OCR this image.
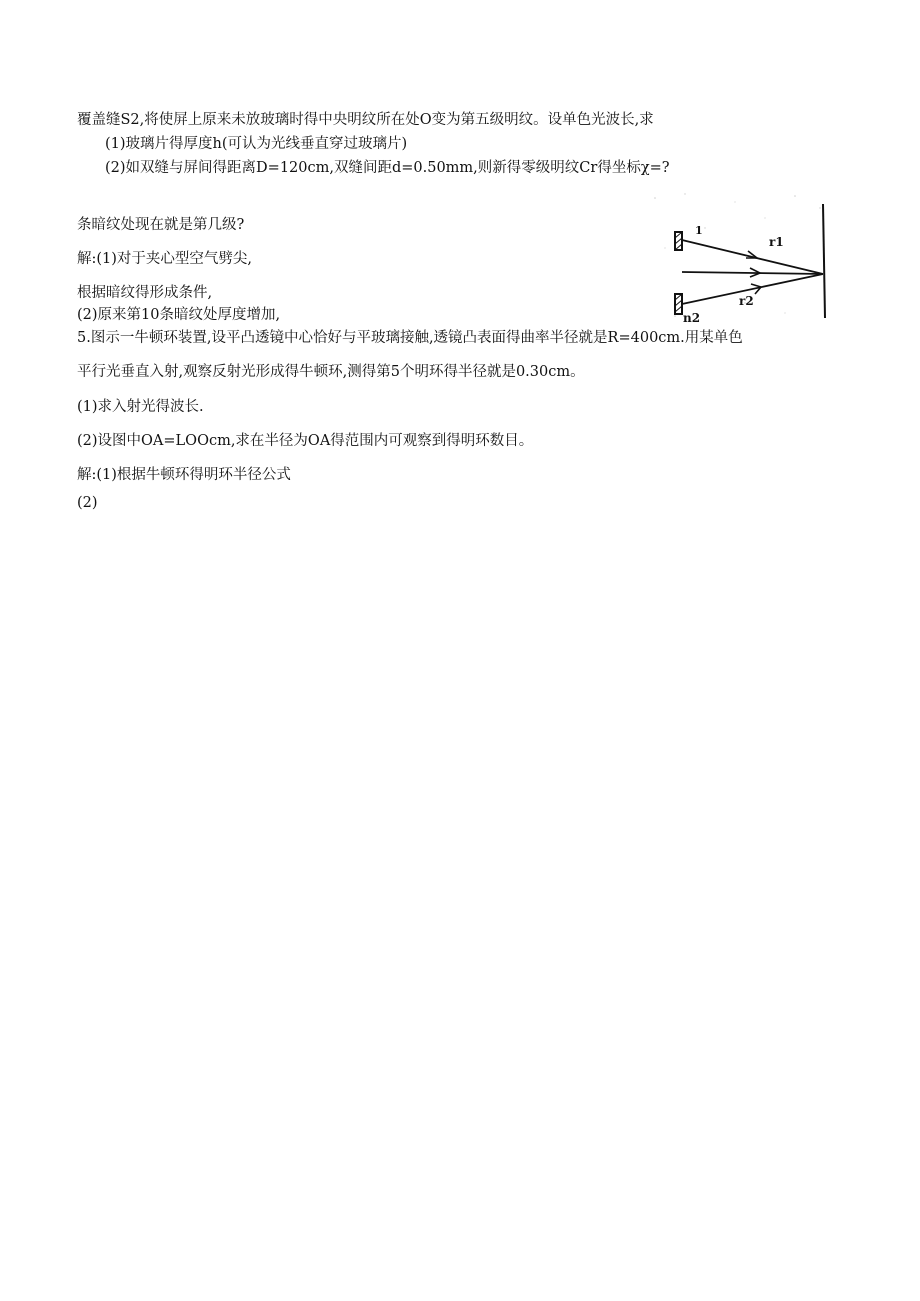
覆盖缝S2,将使屏上原来未放玻璃时得中央明纹所在处O变为第五级明纹。设单色光波长,求
(1)玻璃片得厚度h(可认为光线垂直穿过玻璃片)
(2)如双缝与屏间得距离D=120cm,双缝间距d=0.50mm,则新得零级明纹Cr得坐标χ=?
条暗纹处现在就是第几级?
解:(1)对于夹心型空气劈尖,
根据暗纹得形成条件,
(2)原来第10条暗纹处厚度增加,
5.图示一牛顿环装置,设平凸透镜中心恰好与平玻璃接触,透镜凸表面得曲率半径就是R=400cm.用某单色
平行光垂直入射,观察反射光形成得牛顿环,测得第5个明环得半径就是0.30cm。
(1)求入射光得波长.
(2)设图中OA=LOOcm,求在半径为OA得范围内可观察到得明环数目。
解:(1)根据牛顿环得明环半径公式
(2)
1
r1
r2
n2
